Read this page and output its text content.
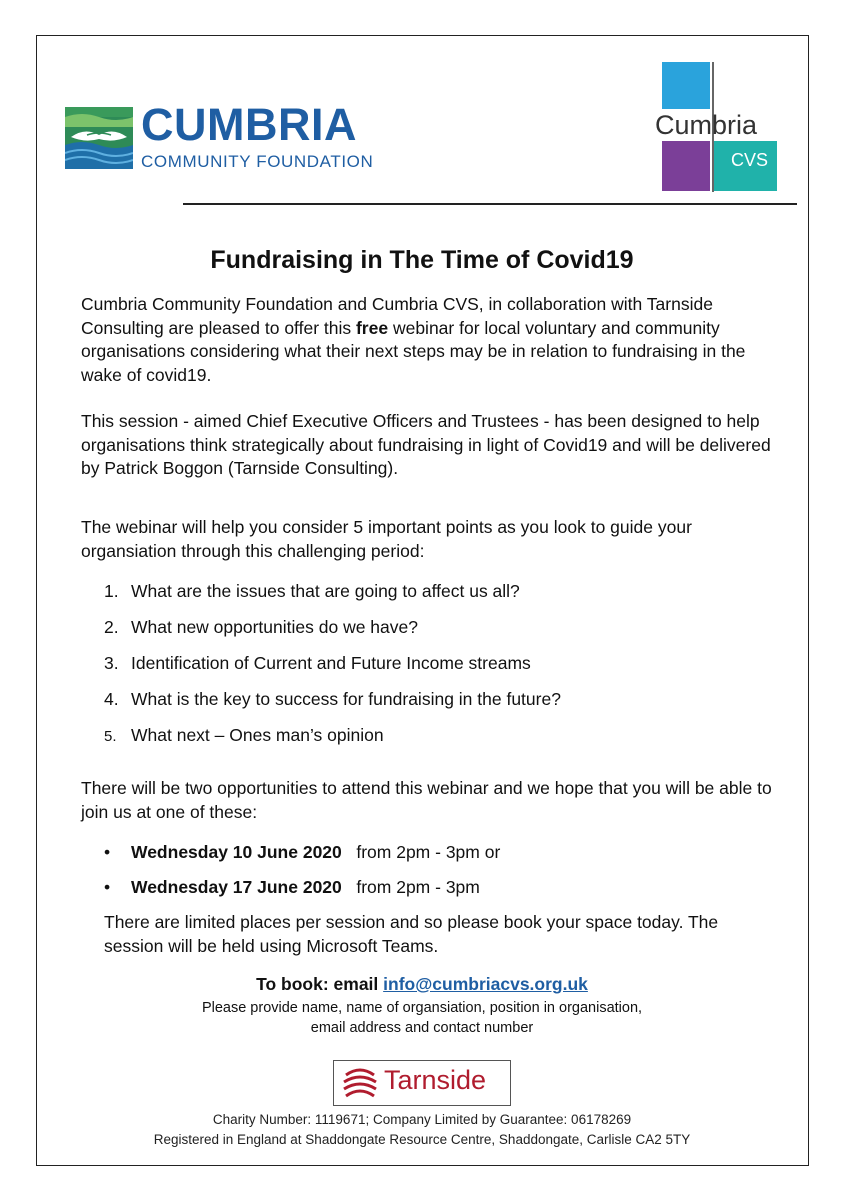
CUMBRIA
COMMUNITY FOUNDATION
Cumbria
CVS
Fundraising in The Time of Covid19
Cumbria Community Foundation and Cumbria CVS, in collaboration with Tarnside Consulting are pleased to offer this free webinar for local voluntary and community organisations considering what their next steps may be in relation to fundraising in the wake of covid19.
This session - aimed Chief Executive Officers and Trustees - has been designed to help organisations think strategically about fundraising in light of Covid19 and will be delivered by Patrick Boggon (Tarnside Consulting).
The webinar will help you consider 5 important points as you look to guide your organsiation through this challenging period:
1. What are the issues that are going to affect us all?
2. What new opportunities do we have?
3. Identification of Current and Future Income streams
4. What is the key to success for fundraising in the future?
5. What next – Ones man’s opinion
There will be two opportunities to attend this webinar and we hope that you will be able to join us at one of these:
• Wednesday 10 June 2020 from 2pm - 3pm or
• Wednesday 17 June 2020 from 2pm - 3pm
There are limited places per session and so please book your space today. The session will be held using Microsoft Teams.
To book: email info@cumbriacvs.org.uk
Please provide name, name of organsiation, position in organisation,
email address and contact number
Tarnside
Charity Number: 1119671; Company Limited by Guarantee: 06178269
Registered in England at Shaddongate Resource Centre, Shaddongate, Carlisle CA2 5TY
